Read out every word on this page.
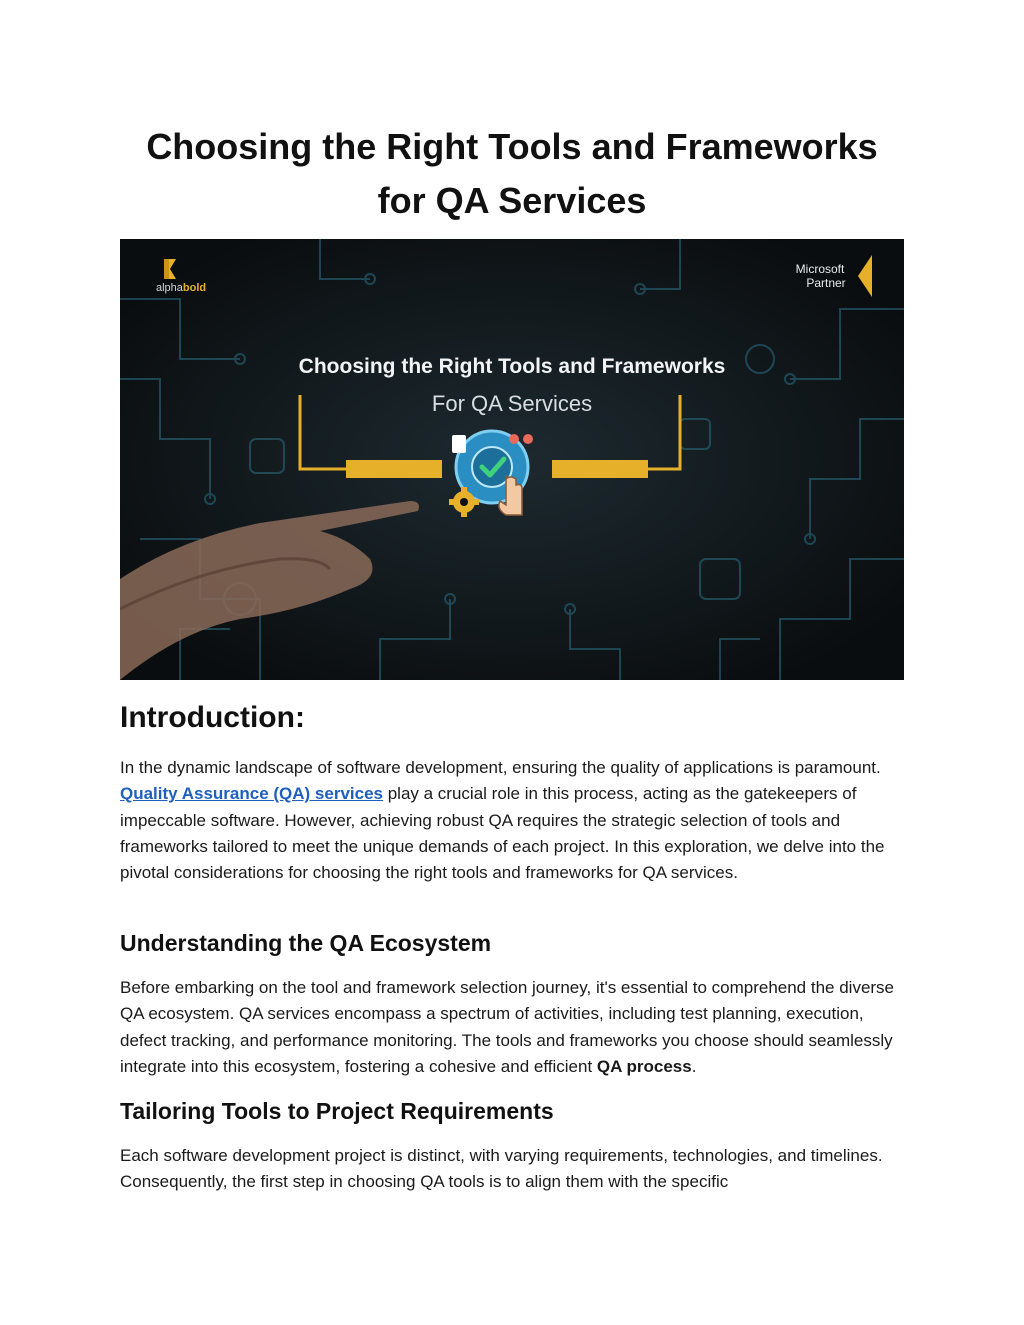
Choosing the Right Tools and Frameworks for QA Services
alphabold
Microsoft
Partner
Choosing the Right Tools and Frameworks
For QA Services
Introduction:

In the dynamic landscape of software development, ensuring the quality of applications is paramount. Quality Assurance (QA) services play a crucial role in this process, acting as the gatekeepers of impeccable software. However, achieving robust QA requires the strategic selection of tools and frameworks tailored to meet the unique demands of each project. In this exploration, we delve into the pivotal considerations for choosing the right tools and frameworks for QA services.

Understanding the QA Ecosystem

Before embarking on the tool and framework selection journey, it's essential to comprehend the diverse QA ecosystem. QA services encompass a spectrum of activities, including test planning, execution, defect tracking, and performance monitoring. The tools and frameworks you choose should seamlessly integrate into this ecosystem, fostering a cohesive and efficient QA process.

Tailoring Tools to Project Requirements

Each software development project is distinct, with varying requirements, technologies, and timelines. Consequently, the first step in choosing QA tools is to align them with the specific
